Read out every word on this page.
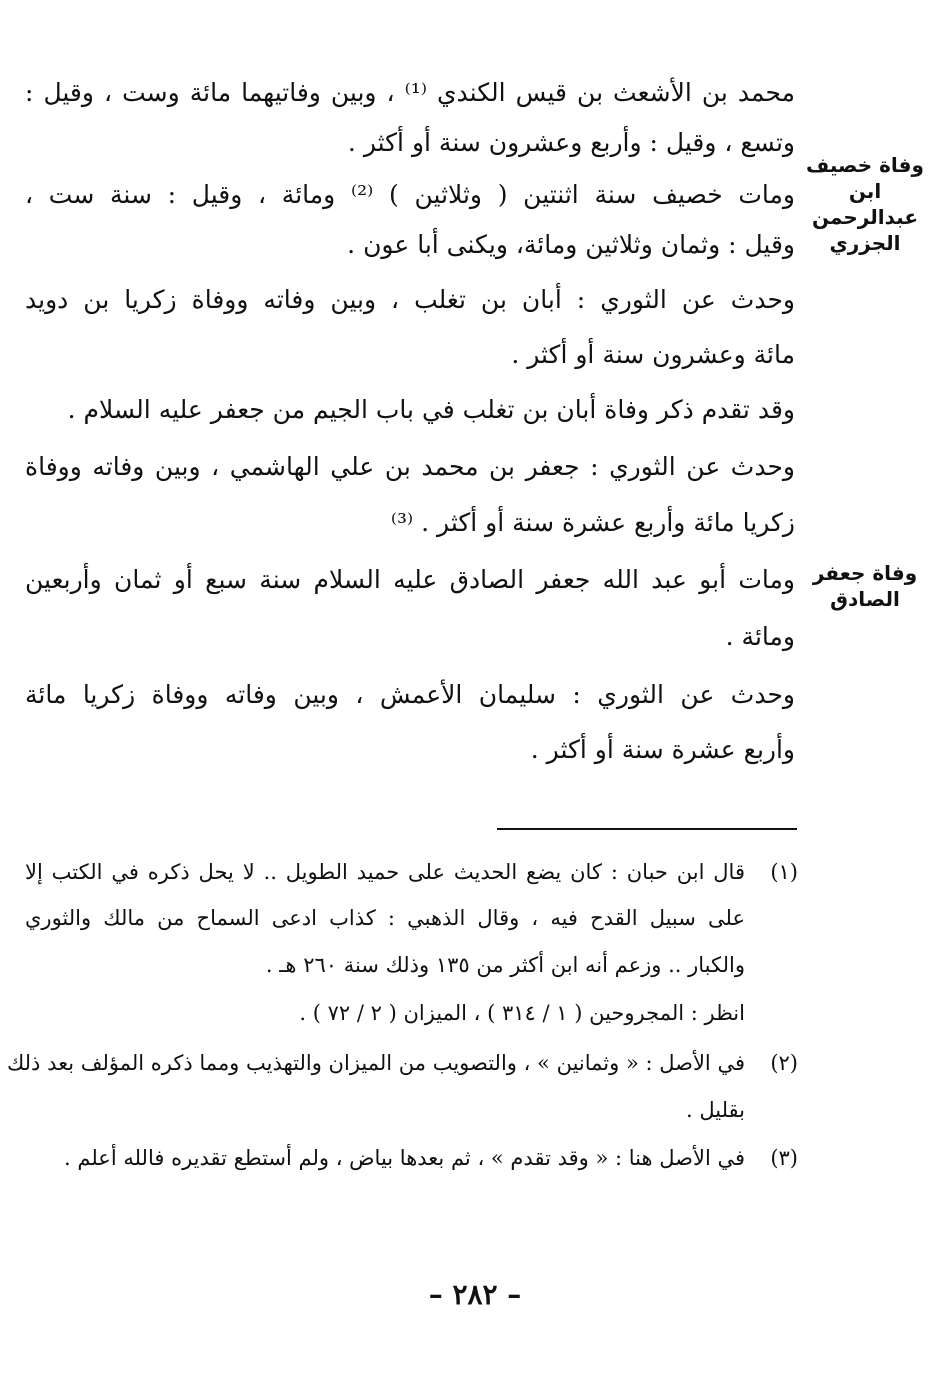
محمد بن الأشعث بن قيس الكندي ⁽¹⁾ ، وبين وفاتيهما مائة وست ، وقيل :
وتسع ، وقيل : وأربع وعشرون سنة أو أكثر .
ومات خصيف سنة اثنتين ( وثلاثين ) ⁽²⁾ ومائة ، وقيل : سنة ست ،
وقيل : وثمان وثلاثين ومائة، ويكنى أبا عون .
وحدث عن الثوري : أبان بن تغلب ، وبين وفاته ووفاة زكريا بن دويد
مائة وعشرون سنة أو أكثر .
وقد تقدم ذكر وفاة أبان بن تغلب في باب الجيم من جعفر عليه السلام .
وحدث عن الثوري : جعفر بن محمد بن علي الهاشمي ، وبين وفاته ووفاة
زكريا مائة وأربع عشرة سنة أو أكثر . ⁽³⁾
ومات أبو عبد الله جعفر الصادق عليه السلام سنة سبع أو ثمان وأربعين
ومائة .
وحدث عن الثوري : سليمان الأعمش ، وبين وفاته ووفاة زكريا مائة
وأربع عشرة سنة أو أكثر .
وفاة خصيف
ابن عبدالرحمن
الجزري
وفاة جعفر
الصادق
(١)
قال ابن حبان : كان يضع الحديث على حميد الطويل .. لا يحل ذكره في الكتب إلا
على سبيل القدح فيه ، وقال الذهبي : كذاب ادعى السماح من مالك والثوري
والكبار .. وزعم أنه ابن أكثر من ١٣٥ وذلك سنة ٢٦٠ هـ .
انظر : المجروحين ( ١ / ٣١٤ ) ، الميزان ( ٢ / ٧٢ ) .
(٢)
في الأصل : « وثمانين » ، والتصويب من الميزان والتهذيب ومما ذكره المؤلف بعد ذلك
بقليل .
(٣)
في الأصل هنا : « وقد تقدم » ، ثم بعدها بياض ، ولم أستطع تقديره فالله أعلم .
– ٢٨٢ –
